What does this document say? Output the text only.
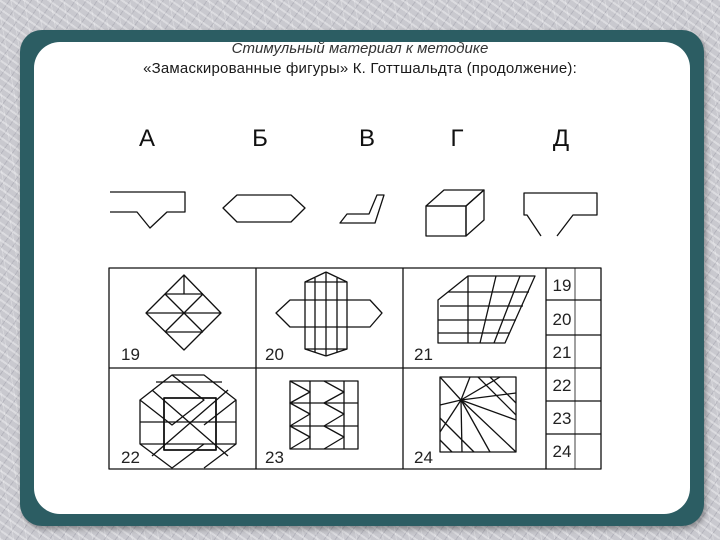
Стимульный материал к методике
«Замаскированные фигуры» К. Готтшальдта (продолжение):
А	Б	В	Г	Д
19	20	21
22	23	24
19
20
21
22
23
24
